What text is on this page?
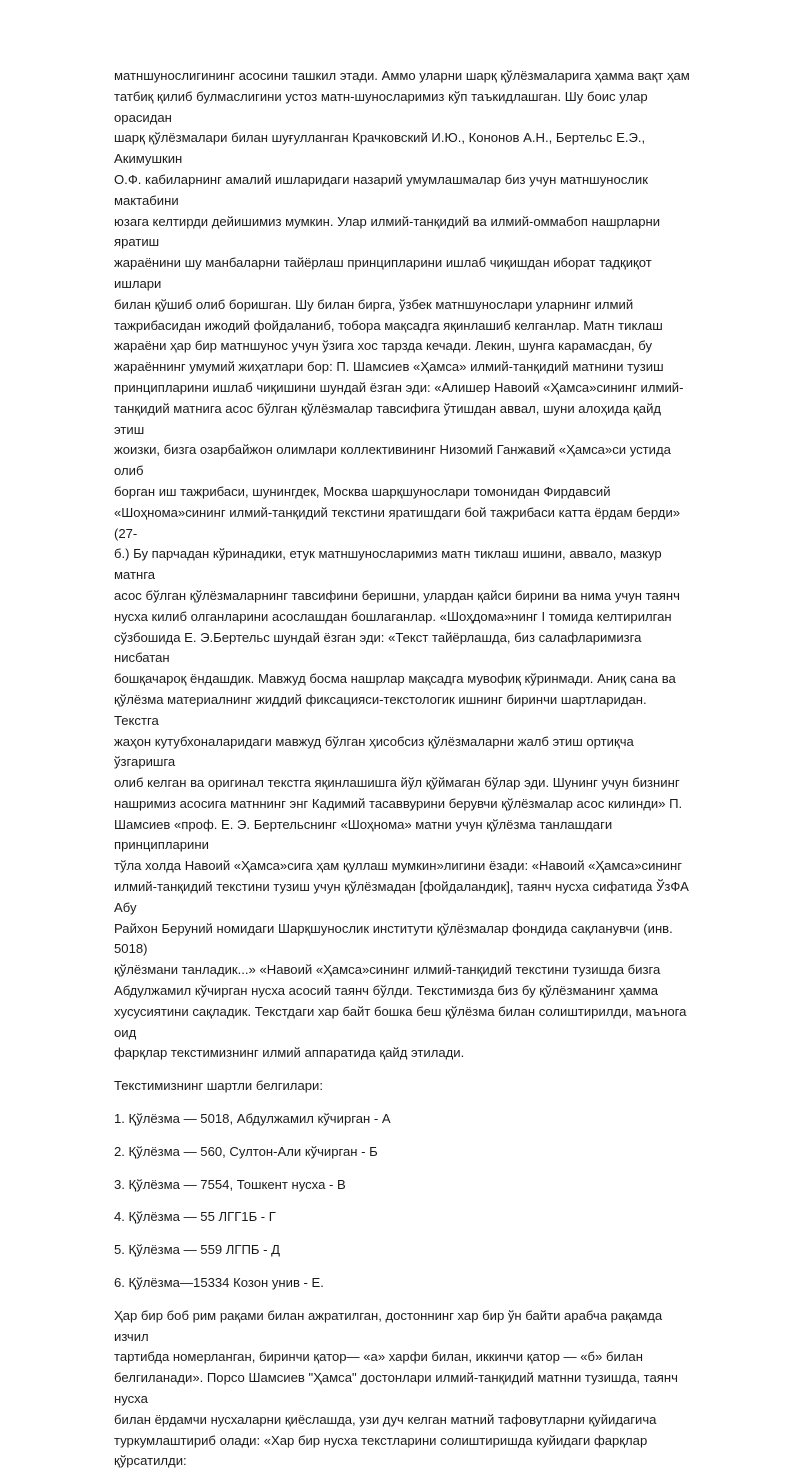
матншунослигининг асосини ташкил этади. Аммо уларни шарқ қўлёзмаларига ҳамма вақт ҳам
татбиқ қилиб булмаслигини устоз матн-шуносларимиз кўп таъкидлашган. Шу боис улар орасидан
шарқ қўлёзмалари билан шуғулланган Крачковский И.Ю., Кононов А.Н., Бертельс Е.Э., Акимушкин
О.Ф. кабиларнинг амалий ишларидаги назарий умумлашмалар биз учун матншунослик мактабини
юзага келтирди дейишимиз мумкин. Улар илмий-танқидий ва илмий-оммабоп нашрларни яратиш
жараёнини шу манбаларни тайёрлаш принципларини ишлаб чиқишдан иборат тадқиқот ишлари
билан қўшиб олиб боришган. Шу билан бирга, ўзбек матншунослари уларнинг илмий
тажрибасидан ижодий фойдаланиб, тобора мақсадга яқинлашиб келганлар. Матн тиклаш
жараёни ҳар бир матншунос учун ўзига хос тарзда кечади. Лекин, шунга карамасдан, бу
жараённинг умумий жиҳатлари бор: П. Шамсиев «Ҳамса» илмий-танқидий матнини тузиш
принципларини ишлаб чиқишини шундай ёзган эди: «Алишер Навоий «Ҳамса»сининг илмий-
танқидий матнига асос бўлган қўлёзмалар тавсифига ўтишдан аввал, шуни алоҳида қайд этиш
жоизки, бизга озарбайжон олимлари коллективининг Низомий Ганжавий «Ҳамса»си устида олиб
борган иш тажрибаси, шунингдек, Москва шарқшунослари томонидан Фирдавсий
«Шоҳнома»сининг илмий-танқидий текстини яратишдаги бой тажрибаси катта ёрдам берди» (27-
б.) Бу парчадан кўринадики, етук матншуносларимиз матн тиклаш ишини, аввало, мазкур матнга
асос бўлган қўлёзмаларнинг тавсифини беришни, улардан қайси бирини ва нима учун таянч
нусха килиб олганларини асослашдан бошлаганлар. «Шоҳдома»нинг I томида келтирилган
сўзбошида Е. Э.Бертельс шундай ёзган эди: «Текст тайёрлашда, биз салафларимизга нисбатан
бошқачароқ ёндашдик. Мавжуд босма нашрлар мақсадга мувофиқ кўринмади. Аниқ сана ва
қўлёзма материалнинг жиддий фиксацияси-текстологик ишнинг биринчи шартларидан. Текстга
жаҳон кутубхоналаридаги мавжуд бўлган ҳисобсиз қўлёзмаларни жалб этиш ортиқча ўзгаришга
олиб келган ва оригинал текстга яқинлашишга йўл қўймаган бўлар эди. Шунинг учун бизнинг
нашримиз асосига матннинг энг Кадимий тасаввурини берувчи қўлёзмалар асос килинди» П.
Шамсиев «проф. Е. Э. Бертельснинг «Шоҳнома» матни учун қўлёзма танлашдаги принципларини
тўла холда Навоий «Ҳамса»сига ҳам қуллаш мумкин»лигини ёзади: «Навоий «Ҳамса»сининг
илмий-танқидий текстини тузиш учун қўлёзмадан [фойдаландик], таянч нусха сифатида ЎзФА Абу
Райхон Беруний номидаги Шарқшунослик институти қўлёзмалар фондида сақланувчи (инв. 5018)
қўлёзмани танладик...» «Навоий «Ҳамса»сининг илмий-танқидий текстини тузишда бизга
Абдулжамил кўчирган нусха асосий таянч бўлди. Текстимизда биз бу қўлёзманинг ҳамма
хусусиятини сақладик. Текстдаги хар байт бошка беш қўлёзма билан солиштирилди, маънога оид
фарқлар текстимизнинг илмий аппаратида қайд этилади.

Текстимизнинг шартли белгилари:

1. Қўлёзма — 5018, Абдулжамил кўчирган - А

2. Қўлёзма — 560, Султон-Али кўчирган - Б

3. Қўлёзма — 7554, Тошкент нусха - В

4. Қўлёзма — 55 ЛГГ1Б - Г

5. Қўлёзма — 559 ЛГПБ - Д

6. Қўлёзма—15334 Козон унив - Е.

Ҳар бир боб рим рақами билан ажратилган, достоннинг хар бир ўн байти арабча рақамда изчил
тартибда номерланган, биринчи қатор— «а» харфи билан, иккинчи қатор — «б» билан
белгиланади». Порсо Шамсиев "Ҳамса" достонлари илмий-танқидий матнни тузишда, таянч нусха
билан ёрдамчи нусхаларни қиёслашда, узи дуч келган матний тафовутларни қуйидагича
туркумлаштириб олади: «Хар бир нусха текстларини солиштиришда куйидаги фарқлар
қўрсатилди:
